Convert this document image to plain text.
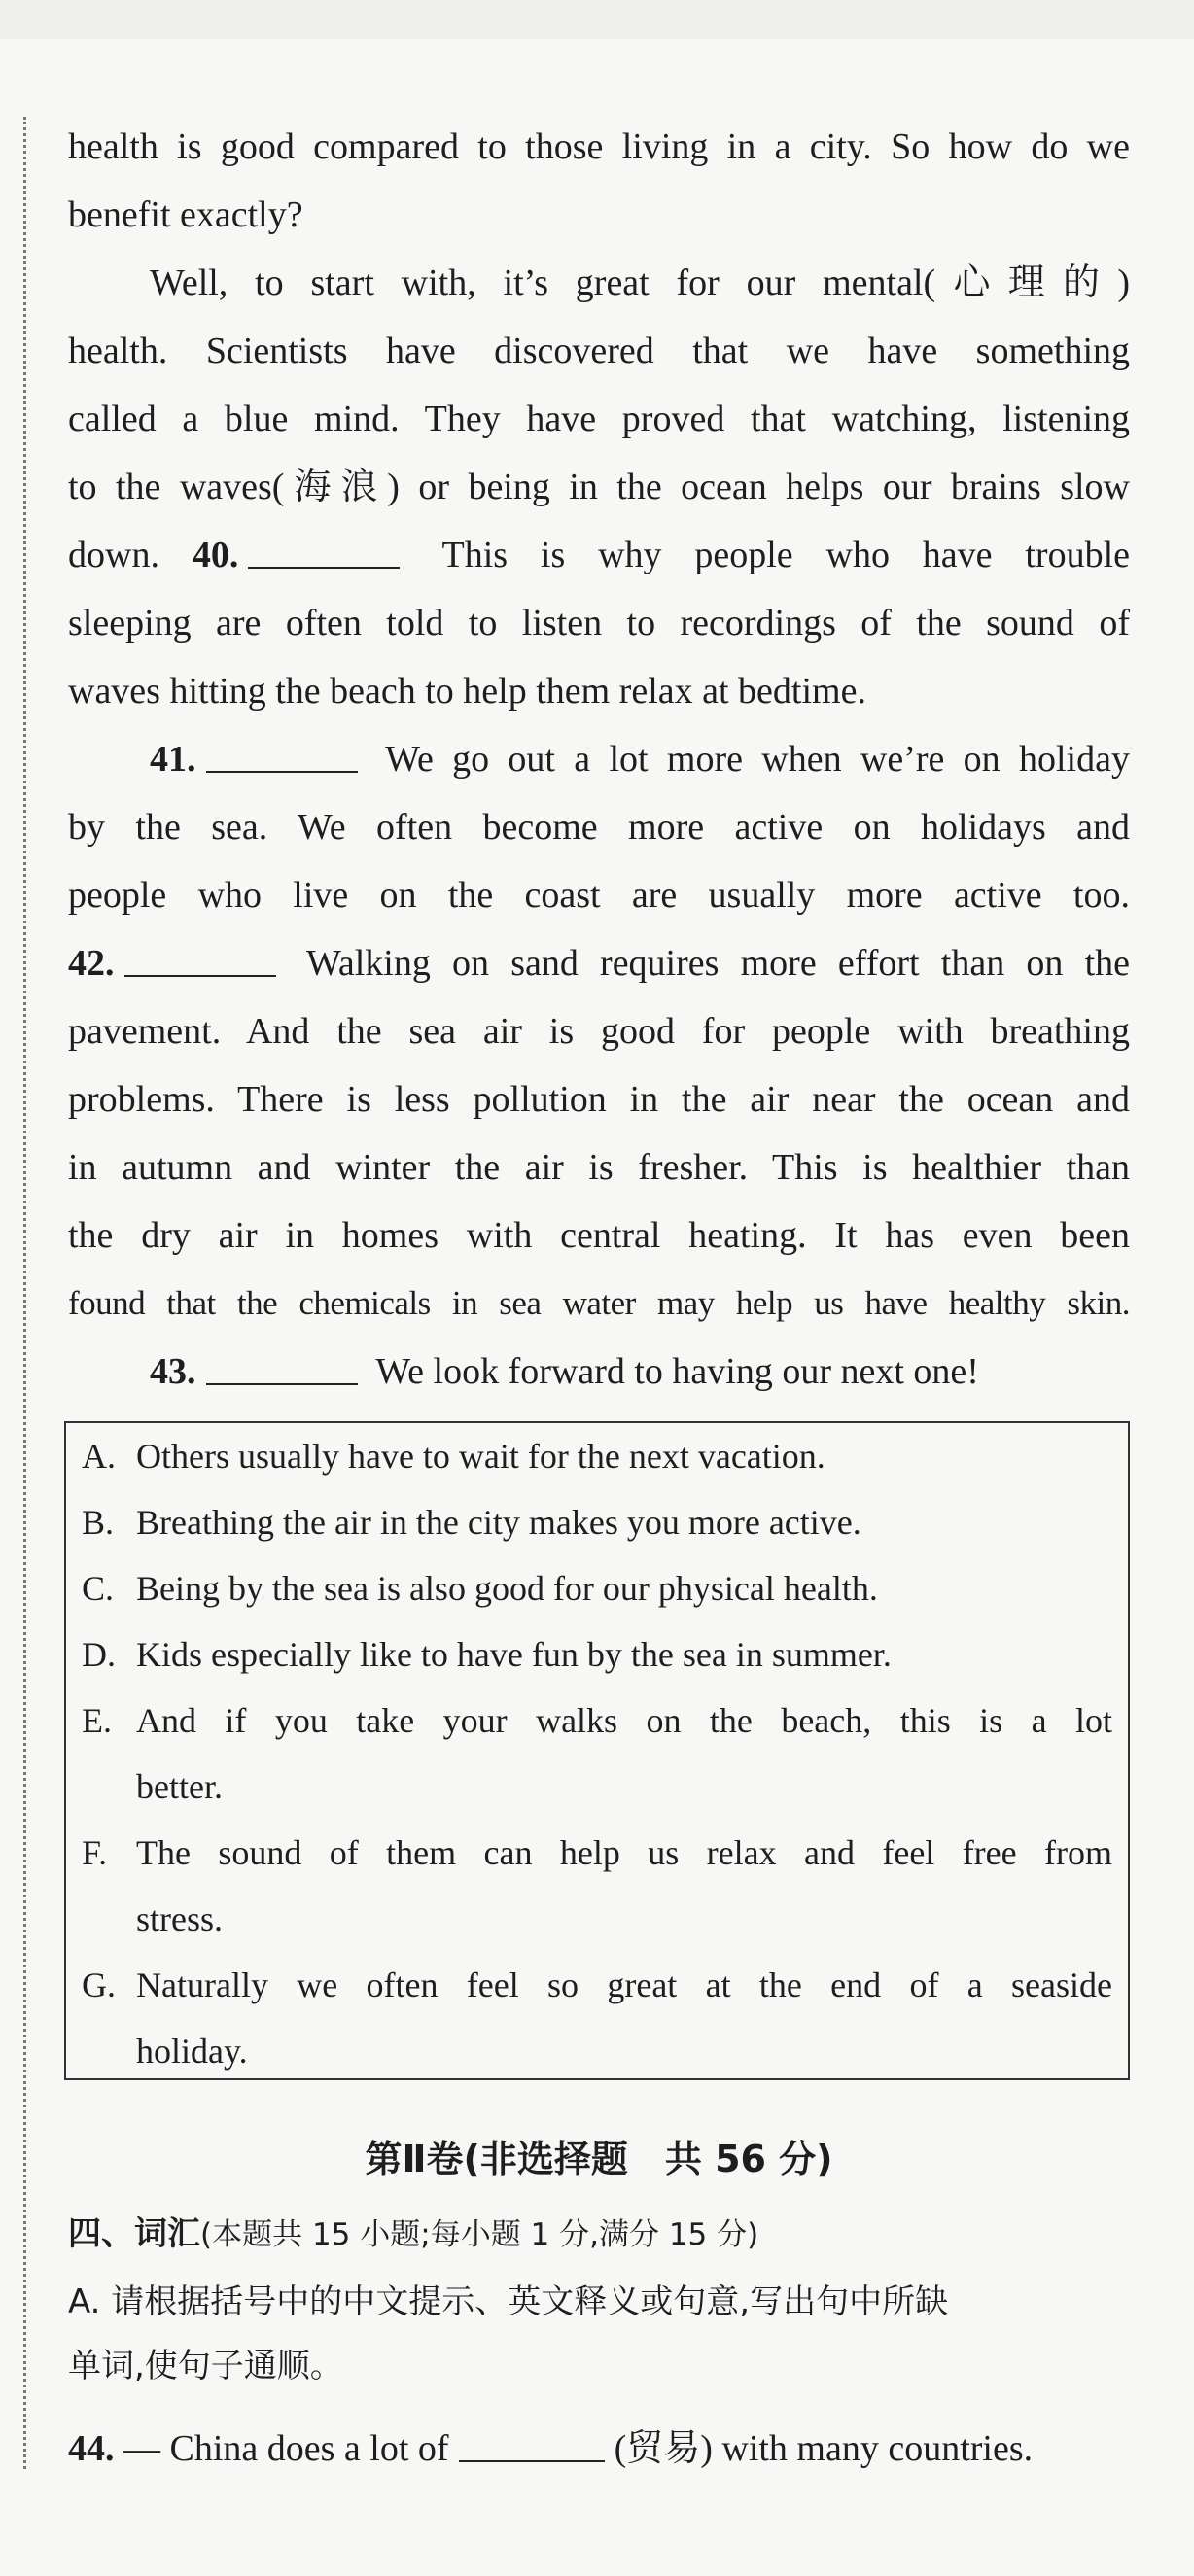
health is good compared to those living in a city. So how do we
benefit exactly?
Well, to start with, it’s great for our mental(心理的)
health. Scientists have discovered that we have something
called a blue mind. They have proved that watching, listening
to the waves(海浪) or being in the ocean helps our brains slow
down. 40.	This is why people who have trouble
sleeping are often told to listen to recordings of the sound of
waves hitting the beach to help them relax at bedtime.
41.	We go out a lot more when we’re on holiday
by the sea. We often become more active on holidays and
people who live on the coast are usually more active too.
42.	Walking on sand requires more effort than on the
pavement. And the sea air is good for people with breathing
problems. There is less pollution in the air near the ocean and
in autumn and winter the air is fresher. This is healthier than
the dry air in homes with central heating. It has even been
found that the chemicals in sea water may help us have healthy skin.
43.	We look forward to having our next one!
A. Others usually have to wait for the next vacation.
B. Breathing the air in the city makes you more active.
C. Being by the sea is also good for our physical health.
D. Kids especially like to have fun by the sea in summer.
E. And if you take your walks on the beach, this is a lot
better.
F. The sound of them can help us relax and feel free from
stress.
G. Naturally we often feel so great at the end of a seaside
holiday.
第Ⅱ卷(非选择题　共 56 分)
四、词汇(本题共 15 小题;每小题 1 分,满分 15 分)
A. 请根据括号中的中文提示、英文释义或句意,写出句中所缺
单词,使句子通顺。
44. — China does a lot of	(贸易) with many countries.
